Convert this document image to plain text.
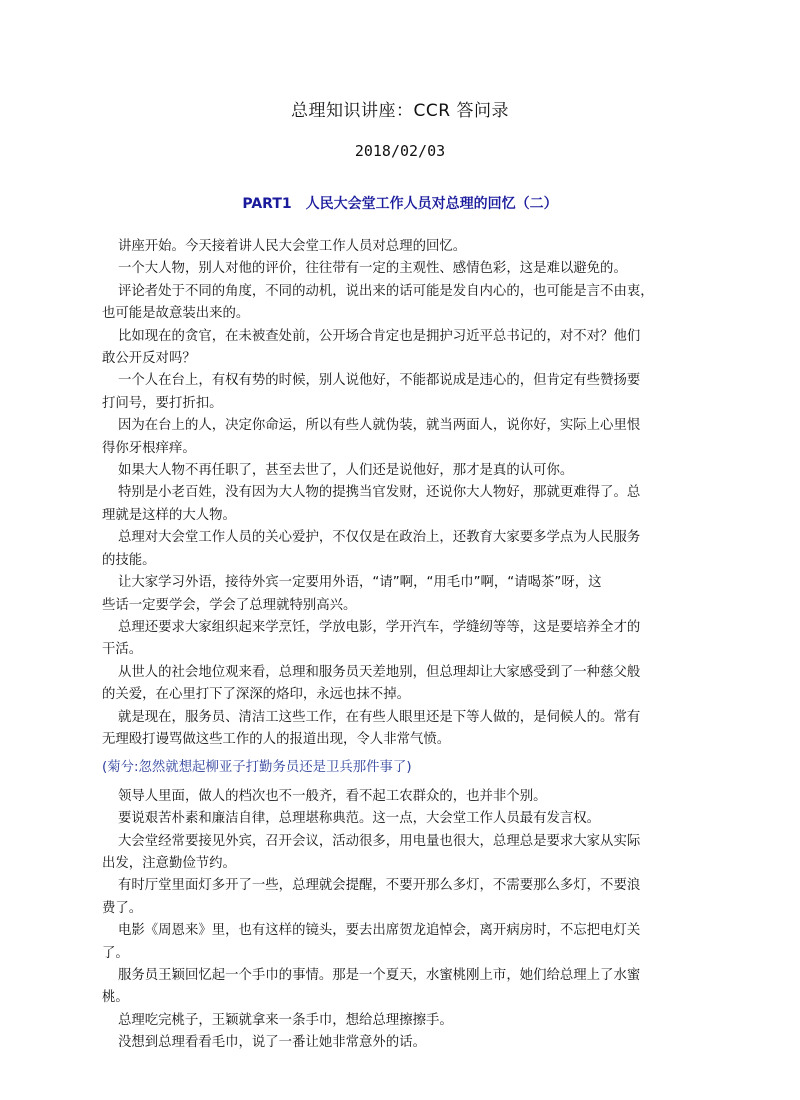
总理知识讲座：CCR 答问录
2018/02/03
PART1　人民大会堂工作人员对总理的回忆（二）

讲座开始。今天接着讲人民大会堂工作人员对总理的回忆。

一个大人物，别人对他的评价，往往带有一定的主观性、感情色彩，这是难以避免的。

评论者处于不同的角度，不同的动机，说出来的话可能是发自内心的，也可能是言不由衷，
也可能是故意装出来的。

比如现在的贪官，在未被查处前，公开场合肯定也是拥护习近平总书记的，对不对？他们
敢公开反对吗？

一个人在台上，有权有势的时候，别人说他好，不能都说成是违心的，但肯定有些赞扬要
打问号，要打折扣。

因为在台上的人，决定你命运，所以有些人就伪装，就当两面人，说你好，实际上心里恨
得你牙根痒痒。

如果大人物不再任职了，甚至去世了，人们还是说他好，那才是真的认可你。

特别是小老百姓，没有因为大人物的提携当官发财，还说你大人物好，那就更难得了。总
理就是这样的大人物。

总理对大会堂工作人员的关心爱护，不仅仅是在政治上，还教育大家要多学点为人民服务
的技能。

让大家学习外语，接待外宾一定要用外语，“请”啊，“用毛巾”啊，“请喝茶”呀，这
些话一定要学会，学会了总理就特别高兴。

总理还要求大家组织起来学烹饪，学放电影，学开汽车，学缝纫等等，这是要培养全才的
干活。

从世人的社会地位观来看，总理和服务员天差地别，但总理却让大家感受到了一种慈父般
的关爱，在心里打下了深深的烙印，永远也抹不掉。

就是现在，服务员、清洁工这些工作，在有些人眼里还是下等人做的，是伺候人的。常有
无理殴打谩骂做这些工作的人的报道出现，令人非常气愤。

(菊兮:忽然就想起柳亚子打勤务员还是卫兵那件事了)

领导人里面，做人的档次也不一般齐，看不起工农群众的，也并非个别。

要说艰苦朴素和廉洁自律，总理堪称典范。这一点，大会堂工作人员最有发言权。

大会堂经常要接见外宾，召开会议，活动很多，用电量也很大，总理总是要求大家从实际
出发，注意勤俭节约。

有时厅堂里面灯多开了一些，总理就会提醒，不要开那么多灯，不需要那么多灯，不要浪
费了。

电影《周恩来》里，也有这样的镜头，要去出席贺龙追悼会，离开病房时，不忘把电灯关
了。

服务员王颖回忆起一个手巾的事情。那是一个夏天，水蜜桃刚上市，她们给总理上了水蜜
桃。

总理吃完桃子，王颖就拿来一条手巾，想给总理擦擦手。

没想到总理看看毛巾，说了一番让她非常意外的话。
